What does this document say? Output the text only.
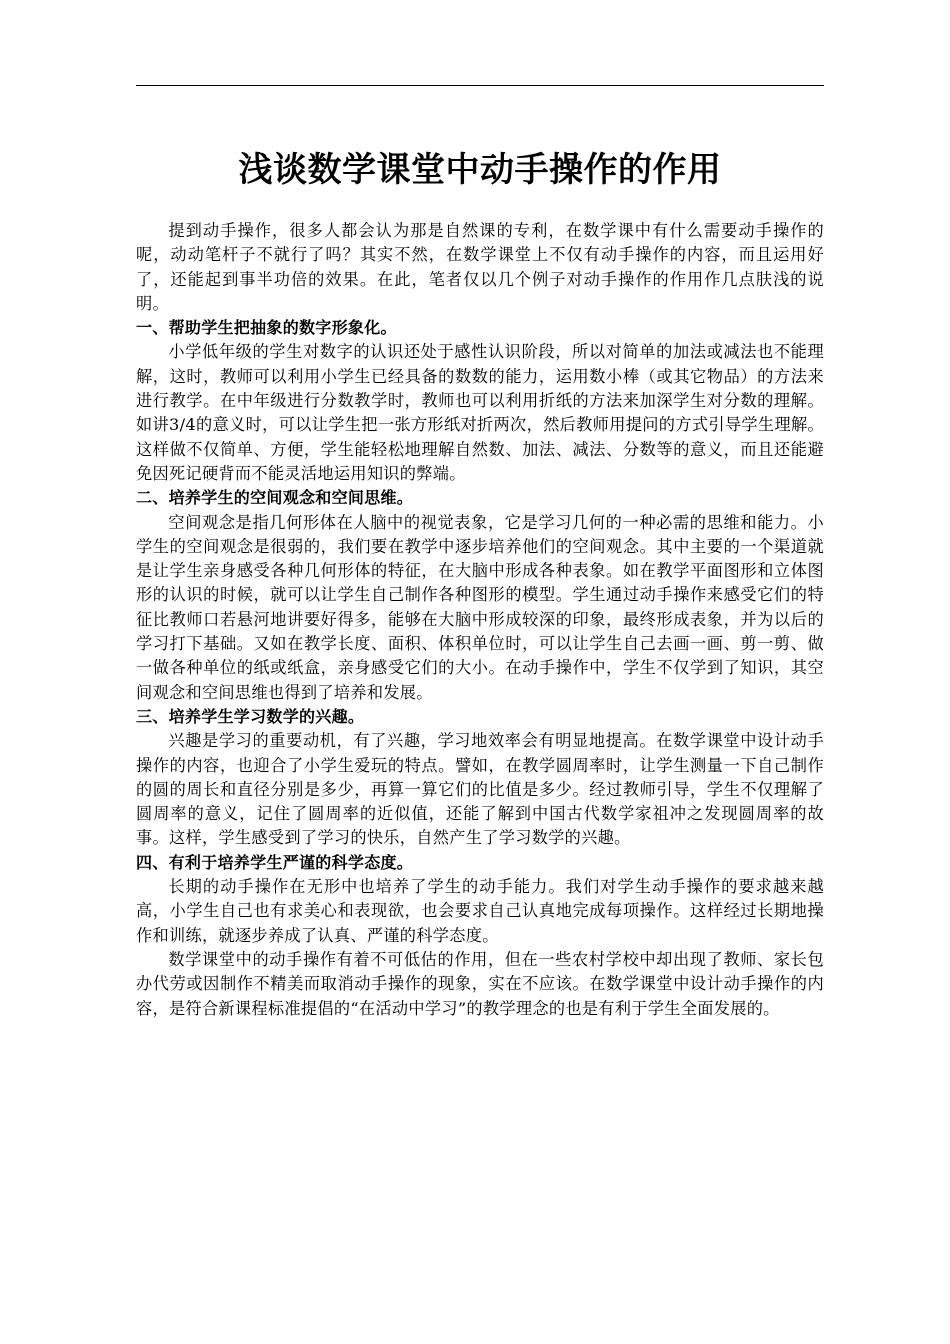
浅谈数学课堂中动手操作的作用

提到动手操作，很多人都会认为那是自然课的专利，在数学课中有什么需要动手操作的呢，动动笔杆子不就行了吗？其实不然，在数学课堂上不仅有动手操作的内容，而且运用好了，还能起到事半功倍的效果。在此，笔者仅以几个例子对动手操作的作用作几点肤浅的说明。

一、帮助学生把抽象的数字形象化。

小学低年级的学生对数字的认识还处于感性认识阶段，所以对简单的加法或减法也不能理解，这时，教师可以利用小学生已经具备的数数的能力，运用数小棒（或其它物品）的方法来进行教学。在中年级进行分数教学时，教师也可以利用折纸的方法来加深学生对分数的理解。如讲3/4的意义时，可以让学生把一张方形纸对折两次，然后教师用提问的方式引导学生理解。这样做不仅简单、方便，学生能轻松地理解自然数、加法、减法、分数等的意义，而且还能避免因死记硬背而不能灵活地运用知识的弊端。

二、培养学生的空间观念和空间思维。

空间观念是指几何形体在人脑中的视觉表象，它是学习几何的一种必需的思维和能力。小学生的空间观念是很弱的，我们要在教学中逐步培养他们的空间观念。其中主要的一个渠道就是让学生亲身感受各种几何形体的特征，在大脑中形成各种表象。如在教学平面图形和立体图形的认识的时候，就可以让学生自己制作各种图形的模型。学生通过动手操作来感受它们的特征比教师口若悬河地讲要好得多，能够在大脑中形成较深的印象，最终形成表象，并为以后的学习打下基础。又如在教学长度、面积、体积单位时，可以让学生自己去画一画、剪一剪、做一做各种单位的纸或纸盒，亲身感受它们的大小。在动手操作中，学生不仅学到了知识，其空间观念和空间思维也得到了培养和发展。

三、培养学生学习数学的兴趣。

兴趣是学习的重要动机，有了兴趣，学习地效率会有明显地提高。在数学课堂中设计动手操作的内容，也迎合了小学生爱玩的特点。譬如，在教学圆周率时，让学生测量一下自己制作的圆的周长和直径分别是多少，再算一算它们的比值是多少。经过教师引导，学生不仅理解了圆周率的意义，记住了圆周率的近似值，还能了解到中国古代数学家祖冲之发现圆周率的故事。这样，学生感受到了学习的快乐，自然产生了学习数学的兴趣。

四、有利于培养学生严谨的科学态度。

长期的动手操作在无形中也培养了学生的动手能力。我们对学生动手操作的要求越来越高，小学生自己也有求美心和表现欲，也会要求自己认真地完成每项操作。这样经过长期地操作和训练，就逐步养成了认真、严谨的科学态度。

数学课堂中的动手操作有着不可低估的作用，但在一些农村学校中却出现了教师、家长包办代劳或因制作不精美而取消动手操作的现象，实在不应该。在数学课堂中设计动手操作的内容，是符合新课程标准提倡的“在活动中学习”的教学理念的也是有利于学生全面发展的。
